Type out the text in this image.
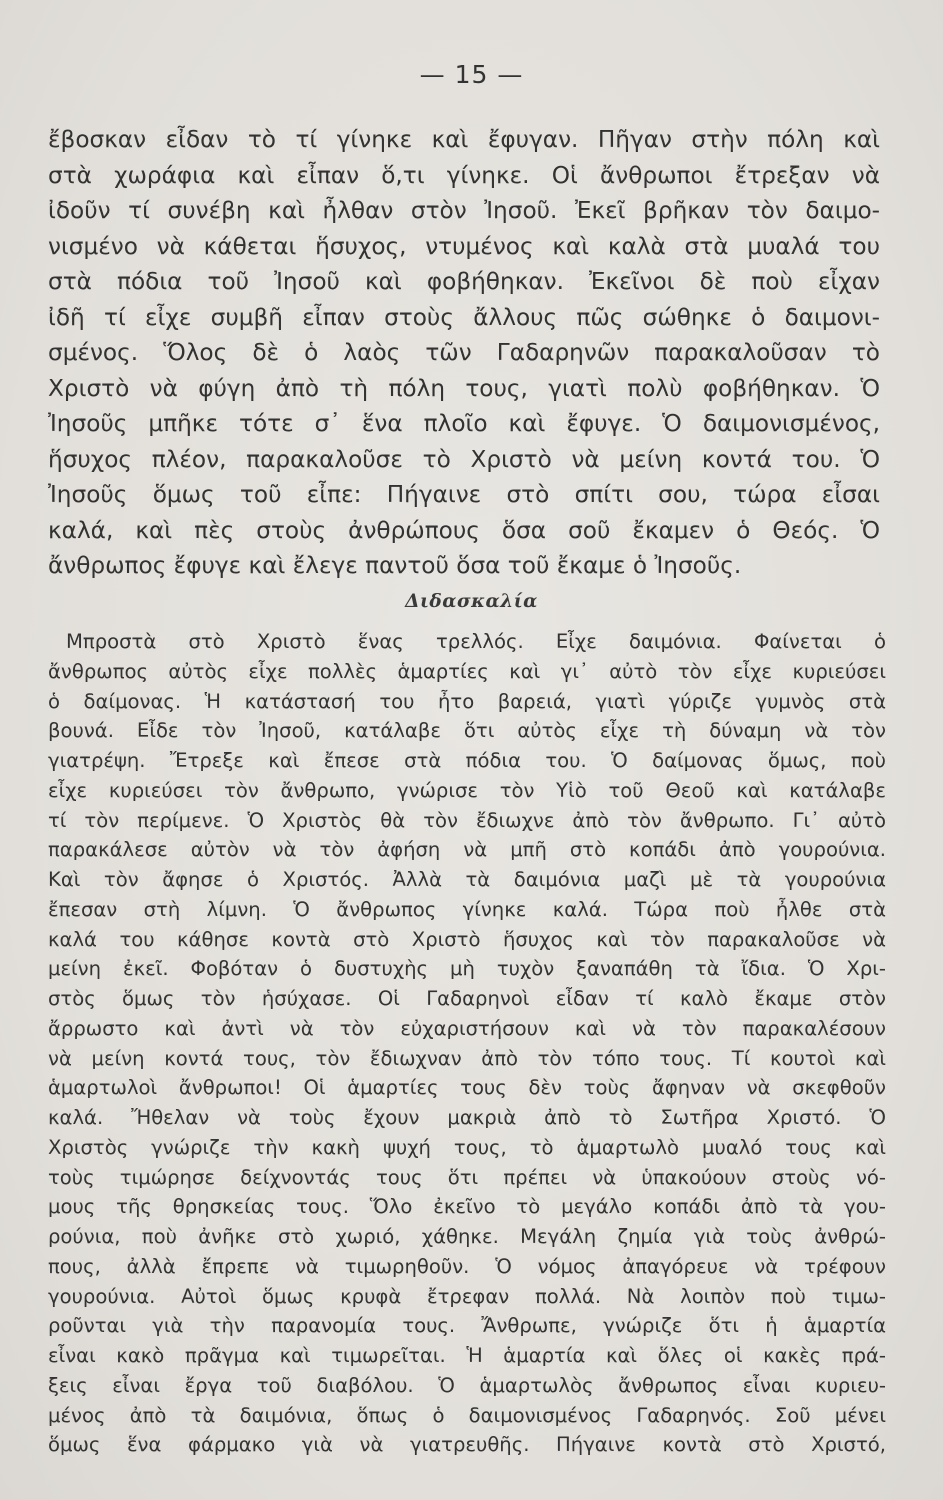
— 15 —
ἔβοσκαν εἶδαν τὸ τί γίνηκε καὶ ἔφυγαν. Πῆγαν στὴν πόλη καὶ
στὰ χωράφια καὶ εἶπαν ὅ,τι γίνηκε. Οἱ ἄνθρωποι ἔτρεξαν νὰ
ἰδοῦν τί συνέβη καὶ ἦλθαν στὸν Ἰησοῦ. Ἐκεῖ βρῆκαν τὸν δαιμο-
νισμένο νὰ κάθεται ἥσυχος, ντυμένος καὶ καλὰ στὰ μυαλά του
στὰ πόδια τοῦ Ἰησοῦ καὶ φοβήθηκαν. Ἐκεῖνοι δὲ ποὺ εἶχαν
ἰδῆ τί εἶχε συμβῆ εἶπαν στοὺς ἄλλους πῶς σώθηκε ὁ δαιμονι-
σμένος. Ὅλος δὲ ὁ λαὸς τῶν Γαδαρηνῶν παρακαλοῦσαν τὸ
Χριστὸ νὰ φύγη ἀπὸ τὴ πόλη τους, γιατὶ πολὺ φοβήθηκαν. Ὁ
Ἰησοῦς μπῆκε τότε σ᾽ ἕνα πλοῖο καὶ ἔφυγε. Ὁ δαιμονισμένος,
ἥσυχος πλέον, παρακαλοῦσε τὸ Χριστὸ νὰ μείνη κοντά του. Ὁ
Ἰησοῦς ὅμως τοῦ εἶπε: Πήγαινε στὸ σπίτι σου, τώρα εἶσαι
καλά, καὶ πὲς στοὺς ἀνθρώπους ὅσα σοῦ ἔκαμεν ὁ Θεός. Ὁ
ἄνθρωπος ἔφυγε καὶ ἔλεγε παντοῦ ὅσα τοῦ ἔκαμε ὁ Ἰησοῦς.
Διδασκαλία
Μπροστὰ στὸ Χριστὸ ἕνας τρελλός. Εἶχε δαιμόνια. Φαίνεται ὁ
ἄνθρωπος αὐτὸς εἶχε πολλὲς ἁμαρτίες καὶ γι᾽ αὐτὸ τὸν εἶχε κυριεύσει
ὁ δαίμονας. Ἡ κατάστασή του ἦτο βαρειά, γιατὶ γύριζε γυμνὸς στὰ
βουνά. Εἶδε τὸν Ἰησοῦ, κατάλαβε ὅτι αὐτὸς εἶχε τὴ δύναμη νὰ τὸν
γιατρέψη. Ἔτρεξε καὶ ἔπεσε στὰ πόδια του. Ὁ δαίμονας ὅμως, ποὺ
εἶχε κυριεύσει τὸν ἄνθρωπο, γνώρισε τὸν Υἱὸ τοῦ Θεοῦ καὶ κατάλαβε
τί τὸν περίμενε. Ὁ Χριστὸς θὰ τὸν ἔδιωχνε ἀπὸ τὸν ἄνθρωπο. Γι᾽ αὐτὸ
παρακάλεσε αὐτὸν νὰ τὸν ἀφήση νὰ μπῆ στὸ κοπάδι ἀπὸ γουρούνια.
Καὶ τὸν ἄφησε ὁ Χριστός. Ἀλλὰ τὰ δαιμόνια μαζὶ μὲ τὰ γουρούνια
ἔπεσαν στὴ λίμνη. Ὁ ἄνθρωπος γίνηκε καλά. Τώρα ποὺ ἦλθε στὰ
καλά του κάθησε κοντὰ στὸ Χριστὸ ἥσυχος καὶ τὸν παρακαλοῦσε νὰ
μείνη ἐκεῖ. Φοβόταν ὁ δυστυχὴς μὴ τυχὸν ξαναπάθη τὰ ἴδια. Ὁ Χρι-
στὸς ὅμως τὸν ἡσύχασε. Οἱ Γαδαρηνοὶ εἶδαν τί καλὸ ἔκαμε στὸν
ἄρρωστο καὶ ἀντὶ νὰ τὸν εὐχαριστήσουν καὶ νὰ τὸν παρακαλέσουν
νὰ μείνη κοντά τους, τὸν ἔδιωχναν ἀπὸ τὸν τόπο τους. Τί κουτοὶ καὶ
ἁμαρτωλοὶ ἄνθρωποι! Οἱ ἁμαρτίες τους δὲν τοὺς ἄφηναν νὰ σκεφθοῦν
καλά. Ἤθελαν νὰ τοὺς ἔχουν μακριὰ ἀπὸ τὸ Σωτῆρα Χριστό. Ὁ
Χριστὸς γνώριζε τὴν κακὴ ψυχή τους, τὸ ἁμαρτωλὸ μυαλό τους καὶ
τοὺς τιμώρησε δείχνοντάς τους ὅτι πρέπει νὰ ὑπακούουν στοὺς νό-
μους τῆς θρησκείας τους. Ὅλο ἐκεῖνο τὸ μεγάλο κοπάδι ἀπὸ τὰ γου-
ρούνια, ποὺ ἀνῆκε στὸ χωριό, χάθηκε. Μεγάλη ζημία γιὰ τοὺς ἀνθρώ-
πους, ἀλλὰ ἔπρεπε νὰ τιμωρηθοῦν. Ὁ νόμος ἀπαγόρευε νὰ τρέφουν
γουρούνια. Αὐτοὶ ὅμως κρυφὰ ἔτρεφαν πολλά. Νὰ λοιπὸν ποὺ τιμω-
ροῦνται γιὰ τὴν παρανομία τους. Ἄνθρωπε, γνώριζε ὅτι ἡ ἁμαρτία
εἶναι κακὸ πρᾶγμα καὶ τιμωρεῖται. Ἡ ἁμαρτία καὶ ὅλες οἱ κακὲς πρά-
ξεις εἶναι ἔργα τοῦ διαβόλου. Ὁ ἁμαρτωλὸς ἄνθρωπος εἶναι κυριευ-
μένος ἀπὸ τὰ δαιμόνια, ὅπως ὁ δαιμονισμένος Γαδαρηνός. Σοῦ μένει
ὅμως ἕνα φάρμακο γιὰ νὰ γιατρευθῆς. Πήγαινε κοντὰ στὸ Χριστό,
